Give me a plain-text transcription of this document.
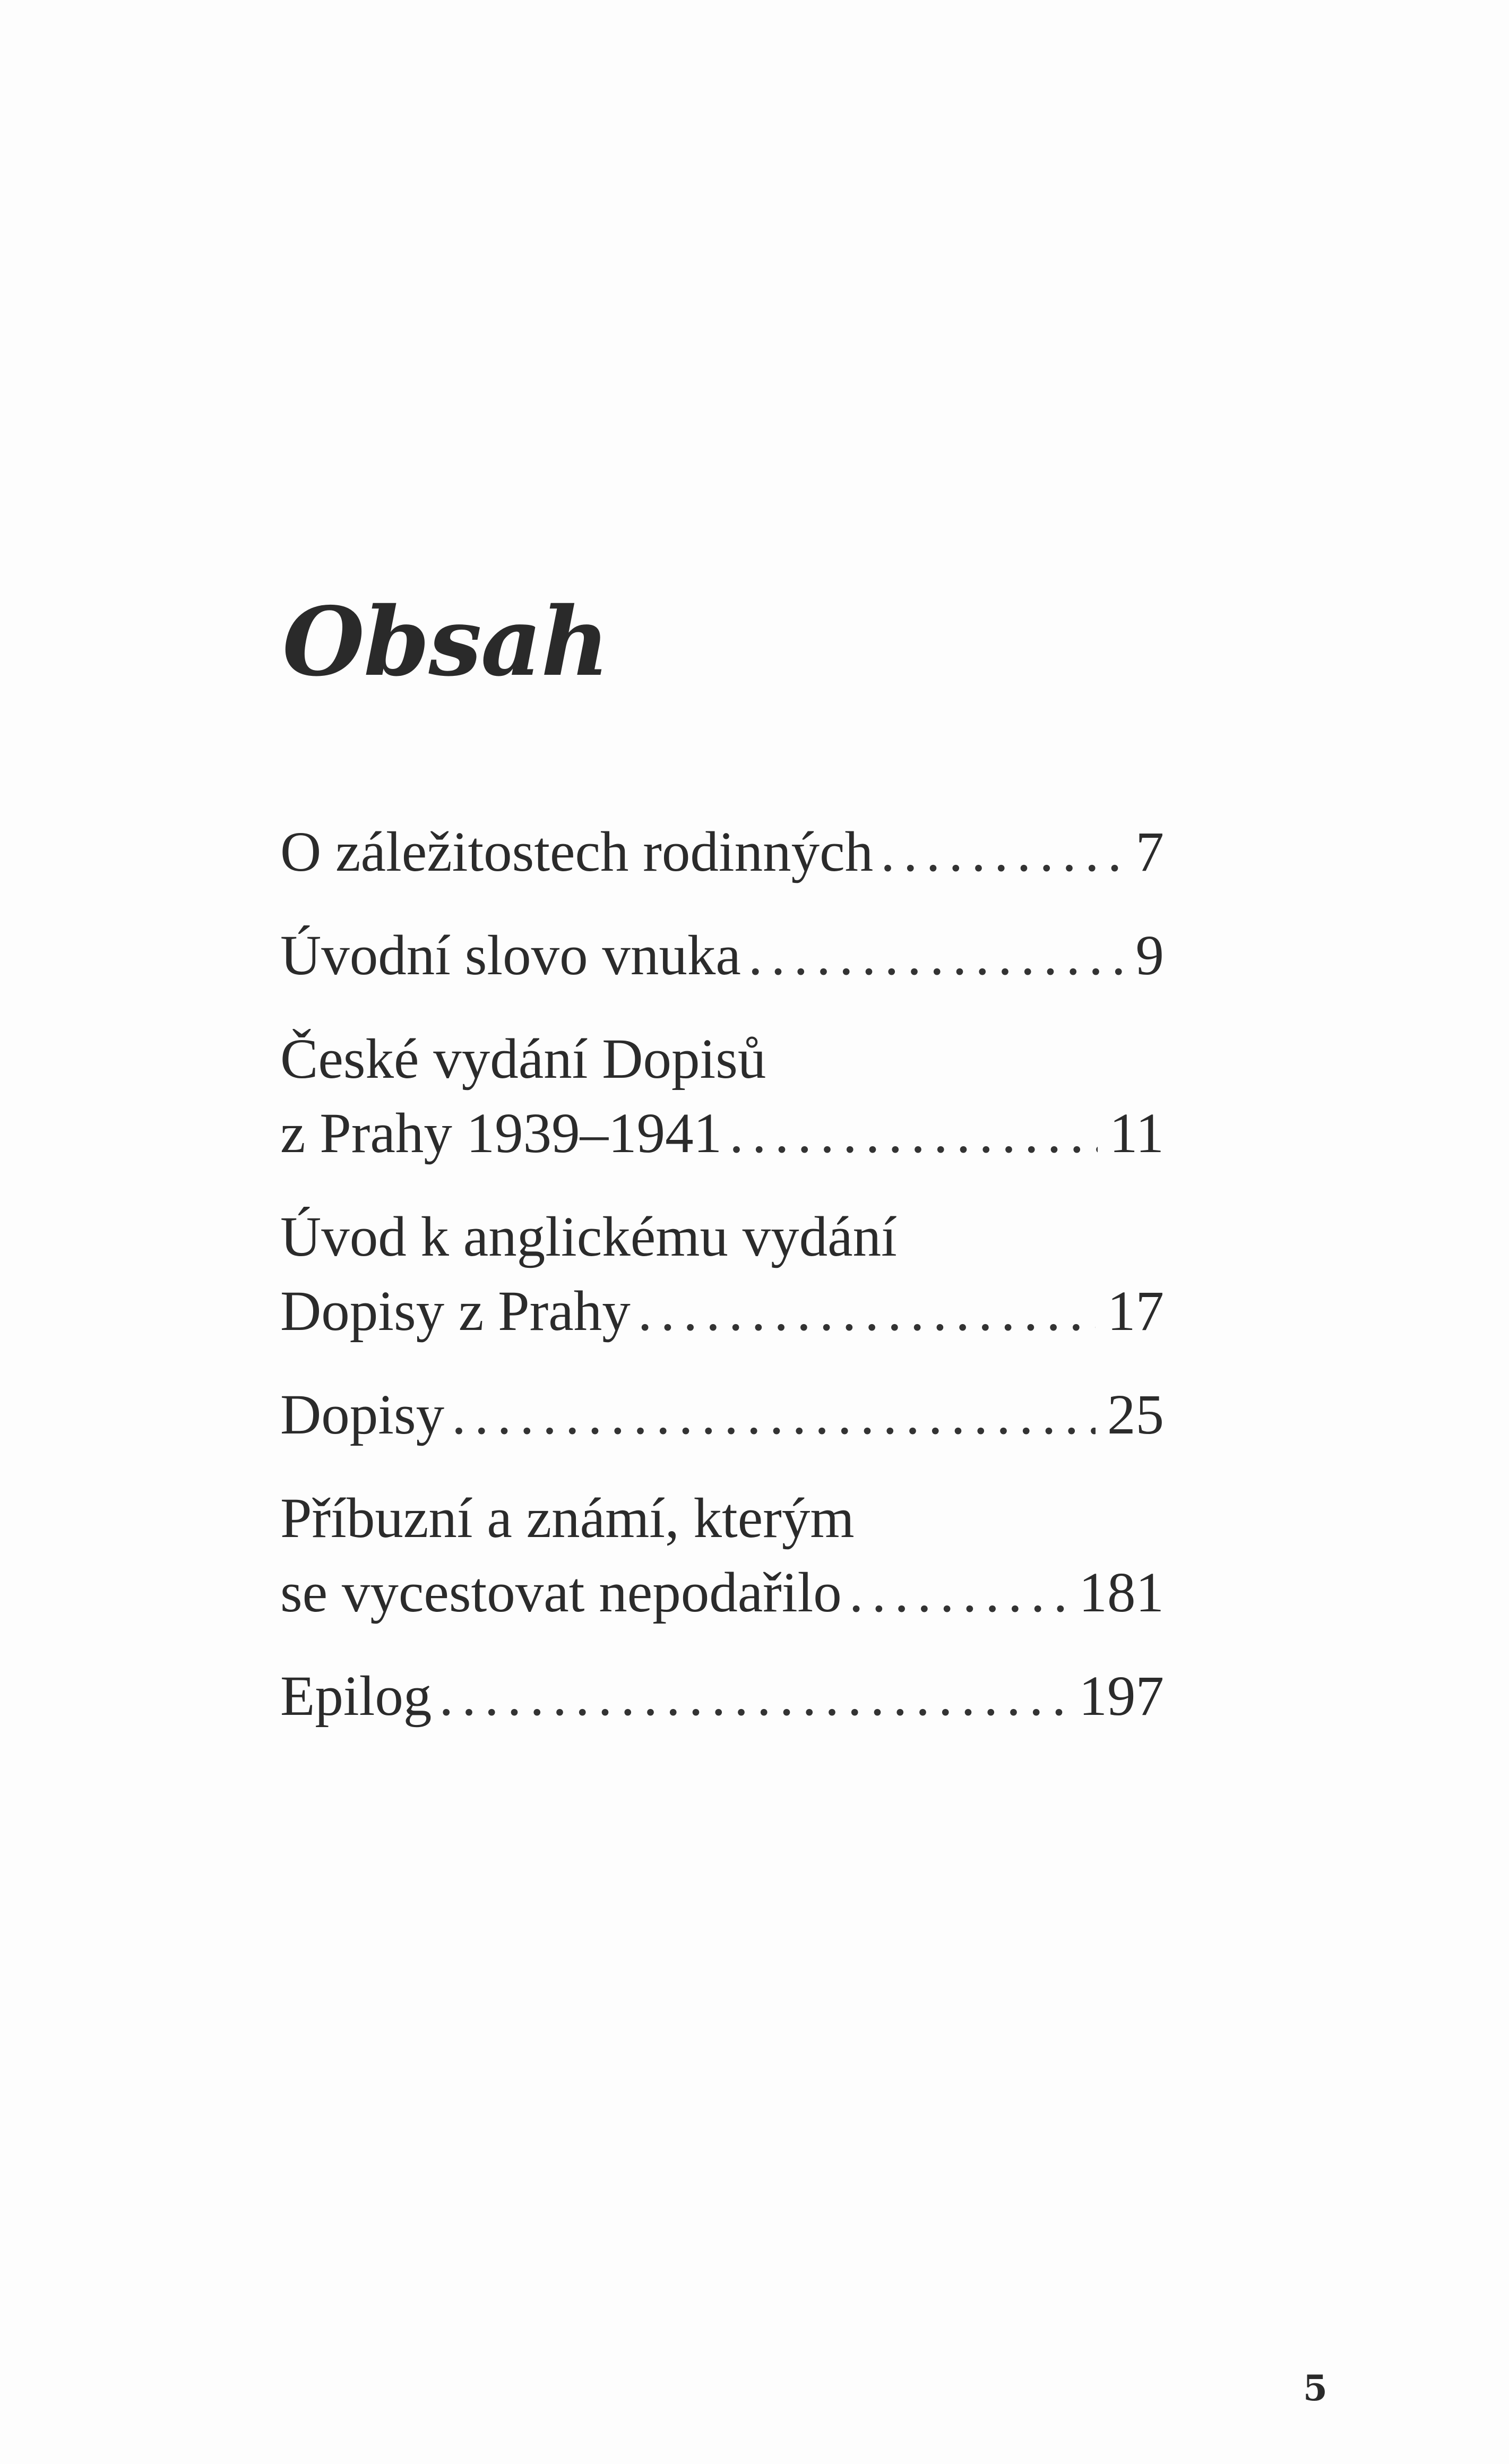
Obsah
O záležitostech rodinných .....	7
Úvodní slovo vnuka .....	9
České vydání Dopisů
z Prahy 1939–1941 .....	11
Úvod k anglickému vydání
Dopisy z Prahy .....	17
Dopisy .....	25
Příbuzní a známí, kterým
se vycestovat nepodařilo .....	181
Epilog .....	197
5
